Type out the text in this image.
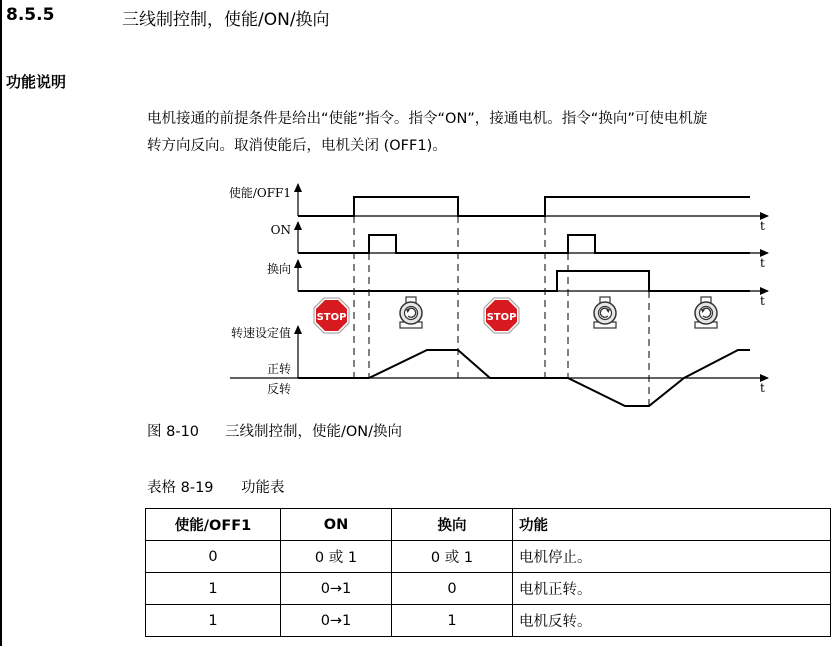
8.5.5	三线制控制，使能/ON/换向
功能说明
电机接通的前提条件是给出“使能”指令。指令“ON”，接通电机。指令“换向”可使电机旋
转方向反向。取消使能后，电机关闭 (OFF1)。
使能/OFF1
ON
换向
转速设定值
正转
反转
t
t
t
t
STOP	STOP
图 8-10 三线制控制，使能/ON/换向
表格 8-19 功能表
使能/OFF1	ON	换向	功能
0	0 或 1	0 或 1	电机停止。
1	0→1	0	电机正转。
1	0→1	1	电机反转。
